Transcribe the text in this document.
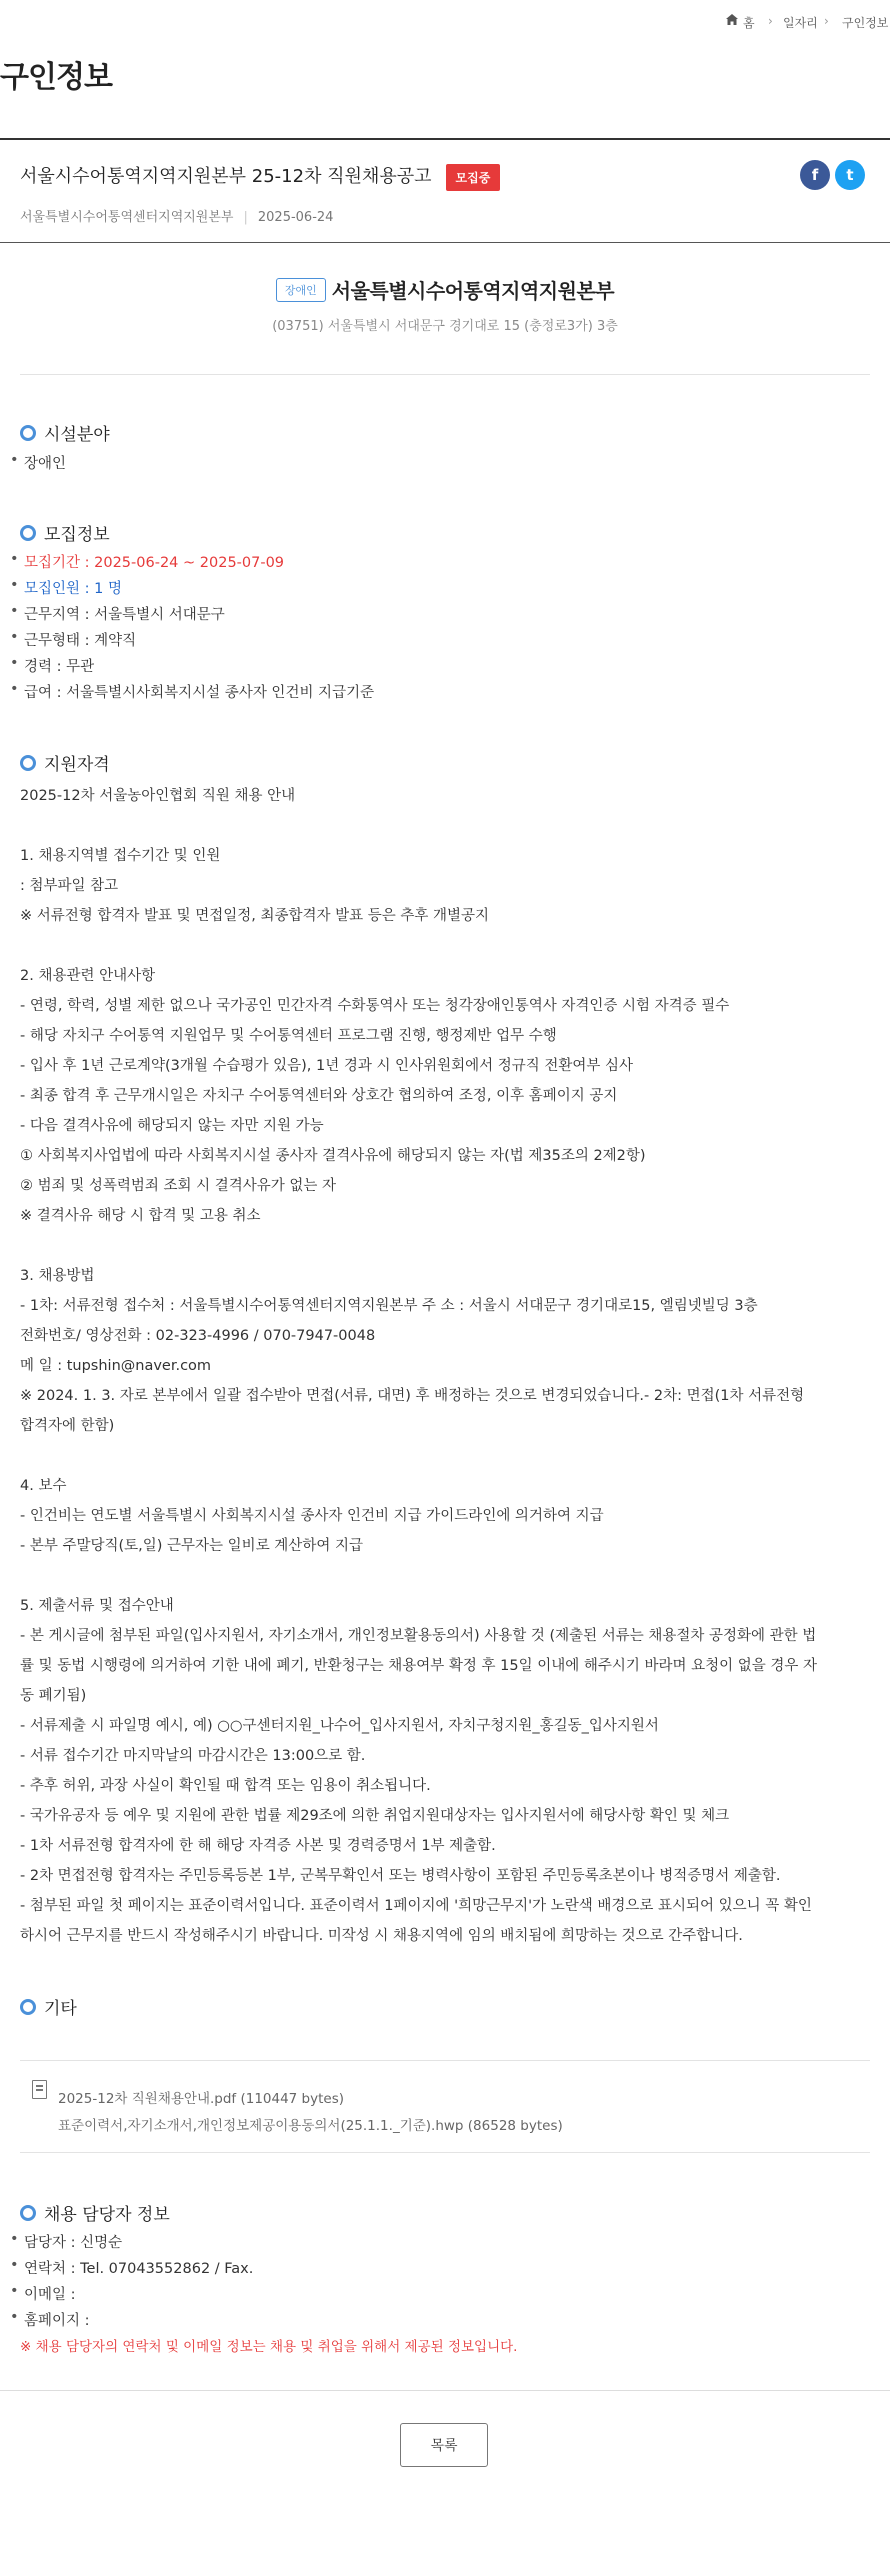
홈 › 일자리 › 구인정보
구인정보
서울시수어통역지역지원본부 25-12차 직원채용공고 모집중	f	t
서울특별시수어통역센터지역지원본부 | 2025-06-24
장애인 서울특별시수어통역지역지원본부
(03751) 서울특별시 서대문구 경기대로 15 (충정로3가) 3층
시설분야
• 장애인
모집정보
• 모집기간 : 2025-06-24 ~ 2025-07-09
• 모집인원 : 1 명
• 근무지역 : 서울특별시 서대문구
• 근무형태 : 계약직
• 경력 : 무관
• 급여 : 서울특별시사회복지시설 종사자 인건비 지급기준
지원자격
2025-12차 서울농아인협회 직원 채용 안내
1. 채용지역별 접수기간 및 인원
: 첨부파일 참고
※ 서류전형 합격자 발표 및 면접일정, 최종합격자 발표 등은 추후 개별공지
2. 채용관련 안내사항
- 연령, 학력, 성별 제한 없으나 국가공인 민간자격 수화통역사 또는 청각장애인통역사 자격인증 시험 자격증 필수
- 해당 자치구 수어통역 지원업무 및 수어통역센터 프로그램 진행, 행정제반 업무 수행
- 입사 후 1년 근로계약(3개월 수습평가 있음), 1년 경과 시 인사위원회에서 정규직 전환여부 심사
- 최종 합격 후 근무개시일은 자치구 수어통역센터와 상호간 협의하여 조정, 이후 홈페이지 공지
- 다음 결격사유에 해당되지 않는 자만 지원 가능
① 사회복지사업법에 따라 사회복지시설 종사자 결격사유에 해당되지 않는 자(법 제35조의 2제2항)
② 범죄 및 성폭력범죄 조회 시 결격사유가 없는 자
※ 결격사유 해당 시 합격 및 고용 취소
3. 채용방법
- 1차: 서류전형 접수처 : 서울특별시수어통역센터지역지원본부 주 소 : 서울시 서대문구 경기대로15, 엘림넷빌딩 3층
전화번호/ 영상전화 : 02-323-4996 / 070-7947-0048
메 일 : tupshin@naver.com
※ 2024. 1. 3. 자로 본부에서 일괄 접수받아 면접(서류, 대면) 후 배정하는 것으로 변경되었습니다.- 2차: 면접(1차 서류전형
합격자에 한함)
4. 보수
- 인건비는 연도별 서울특별시 사회복지시설 종사자 인건비 지급 가이드라인에 의거하여 지급
- 본부 주말당직(토,일) 근무자는 일비로 계산하여 지급
5. 제출서류 및 접수안내
- 본 게시글에 첨부된 파일(입사지원서, 자기소개서, 개인정보활용동의서) 사용할 것 (제출된 서류는 채용절차 공정화에 관한 법
률 및 동법 시행령에 의거하여 기한 내에 폐기, 반환청구는 채용여부 확정 후 15일 이내에 해주시기 바라며 요청이 없을 경우 자
동 폐기됨)
- 서류제출 시 파일명 예시, 예) ○○구센터지원_나수어_입사지원서, 자치구청지원_홍길동_입사지원서
- 서류 접수기간 마지막날의 마감시간은 13:00으로 함.
- 추후 허위, 과장 사실이 확인될 때 합격 또는 임용이 취소됩니다.
- 국가유공자 등 예우 및 지원에 관한 법률 제29조에 의한 취업지원대상자는 입사지원서에 해당사항 확인 및 체크
- 1차 서류전형 합격자에 한 해 해당 자격증 사본 및 경력증명서 1부 제출함.
- 2차 면접전형 합격자는 주민등록등본 1부, 군복무확인서 또는 병력사항이 포함된 주민등록초본이나 병적증명서 제출함.
- 첨부된 파일 첫 페이지는 표준이력서입니다. 표준이력서 1페이지에 '희망근무지'가 노란색 배경으로 표시되어 있으니 꼭 확인
하시어 근무지를 반드시 작성해주시기 바랍니다. 미작성 시 채용지역에 임의 배치됨에 희망하는 것으로 간주합니다.
기타
2025-12차 직원채용안내.pdf (110447 bytes)
표준이력서,자기소개서,개인정보제공이용동의서(25.1.1._기준).hwp (86528 bytes)
채용 담당자 정보
• 담당자 : 신명순
• 연락처 : Tel. 07043552862 / Fax.
• 이메일 :
• 홈페이지 :
※ 채용 담당자의 연락처 및 이메일 정보는 채용 및 취업을 위해서 제공된 정보입니다.
목록
